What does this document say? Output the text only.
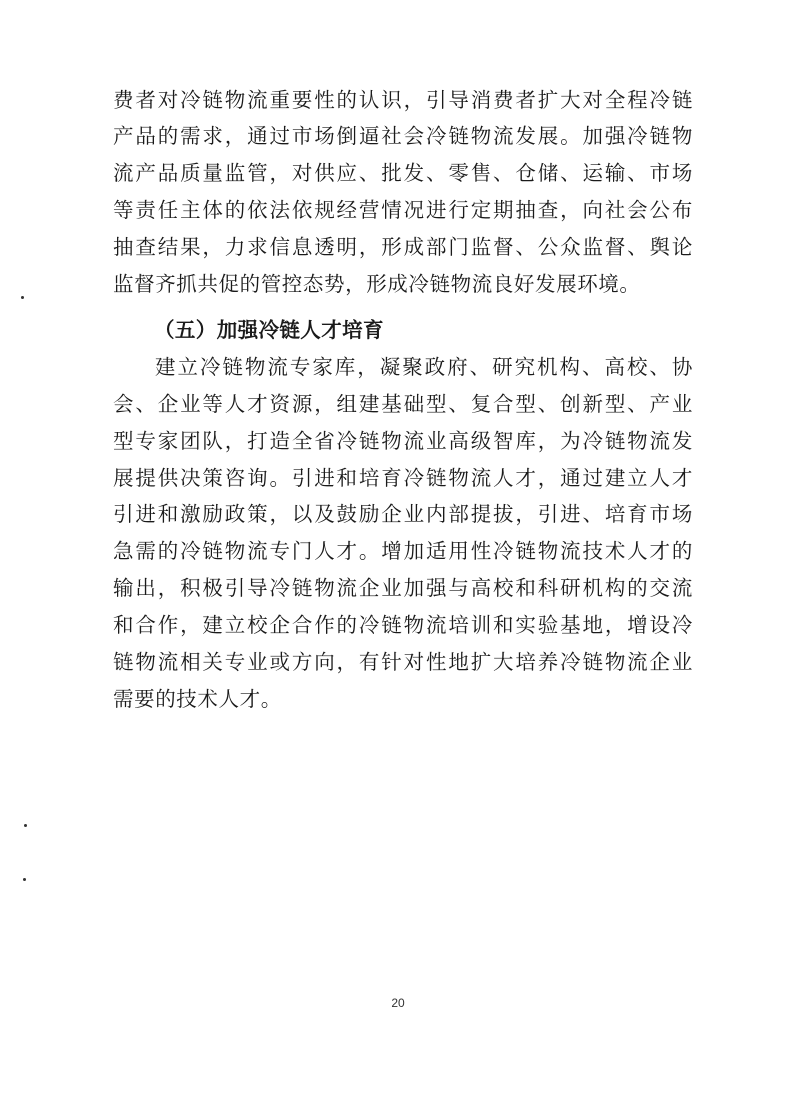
费者对冷链物流重要性的认识，引导消费者扩大对全程冷链
产品的需求，通过市场倒逼社会冷链物流发展。加强冷链物
流产品质量监管，对供应、批发、零售、仓储、运输、市场
等责任主体的依法依规经营情况进行定期抽查，向社会公布
抽查结果，力求信息透明，形成部门监督、公众监督、舆论
监督齐抓共促的管控态势，形成冷链物流良好发展环境。
（五）加强冷链人才培育
建立冷链物流专家库，凝聚政府、研究机构、高校、协
会、企业等人才资源，组建基础型、复合型、创新型、产业
型专家团队，打造全省冷链物流业高级智库，为冷链物流发
展提供决策咨询。引进和培育冷链物流人才，通过建立人才
引进和激励政策，以及鼓励企业内部提拔，引进、培育市场
急需的冷链物流专门人才。增加适用性冷链物流技术人才的
输出，积极引导冷链物流企业加强与高校和科研机构的交流
和合作，建立校企合作的冷链物流培训和实验基地，增设冷
链物流相关专业或方向，有针对性地扩大培养冷链物流企业
需要的技术人才。
20
